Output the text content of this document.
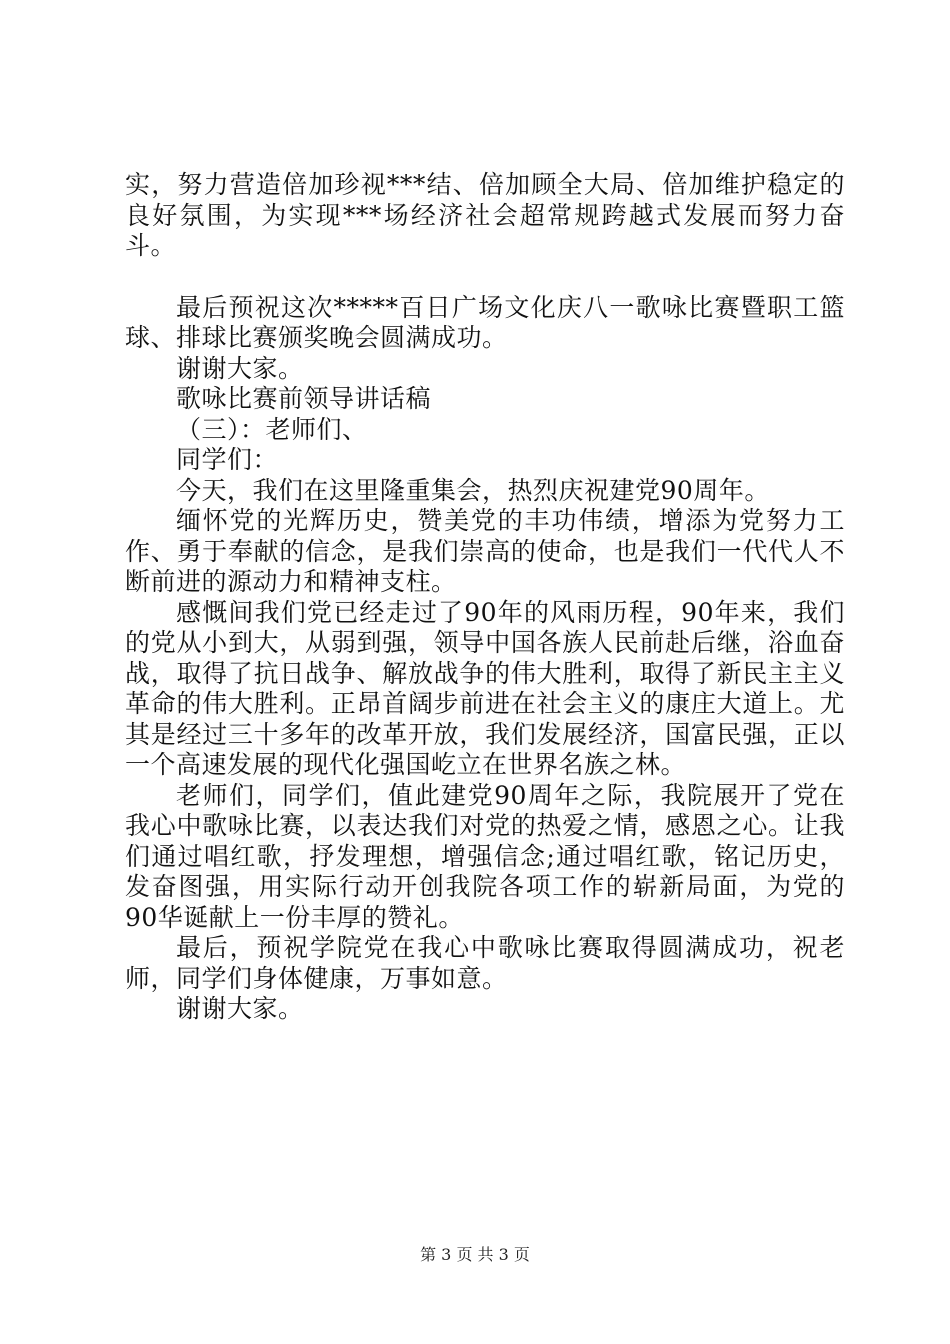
实，努力营造倍加珍视***结、倍加顾全大局、倍加维护稳定的良好氛围，为实现***场经济社会超常规跨越式发展而努力奋斗。

最后预祝这次*****百日广场文化庆八一歌咏比赛暨职工篮球、排球比赛颁奖晚会圆满成功。

谢谢大家。

歌咏比赛前领导讲话稿

（三）：老师们、

同学们：

今天，我们在这里隆重集会，热烈庆祝建党90周年。

缅怀党的光辉历史，赞美党的丰功伟绩，增添为党努力工作、勇于奉献的信念，是我们崇高的使命，也是我们一代代人不断前进的源动力和精神支柱。

感慨间我们党已经走过了90年的风雨历程，90年来，我们的党从小到大，从弱到强，领导中国各族人民前赴后继，浴血奋战，取得了抗日战争、解放战争的伟大胜利，取得了新民主主义革命的伟大胜利。正昂首阔步前进在社会主义的康庄大道上。尤其是经过三十多年的改革开放，我们发展经济，国富民强，正以一个高速发展的现代化强国屹立在世界名族之林。

老师们，同学们，值此建党90周年之际，我院展开了党在我心中歌咏比赛，以表达我们对党的热爱之情，感恩之心。让我们通过唱红歌，抒发理想，增强信念;通过唱红歌，铭记历史，发奋图强，用实际行动开创我院各项工作的崭新局面，为党的90华诞献上一份丰厚的赞礼。

最后，预祝学院党在我心中歌咏比赛取得圆满成功，祝老师，同学们身体健康，万事如意。

谢谢大家。

第 3 页 共 3 页
